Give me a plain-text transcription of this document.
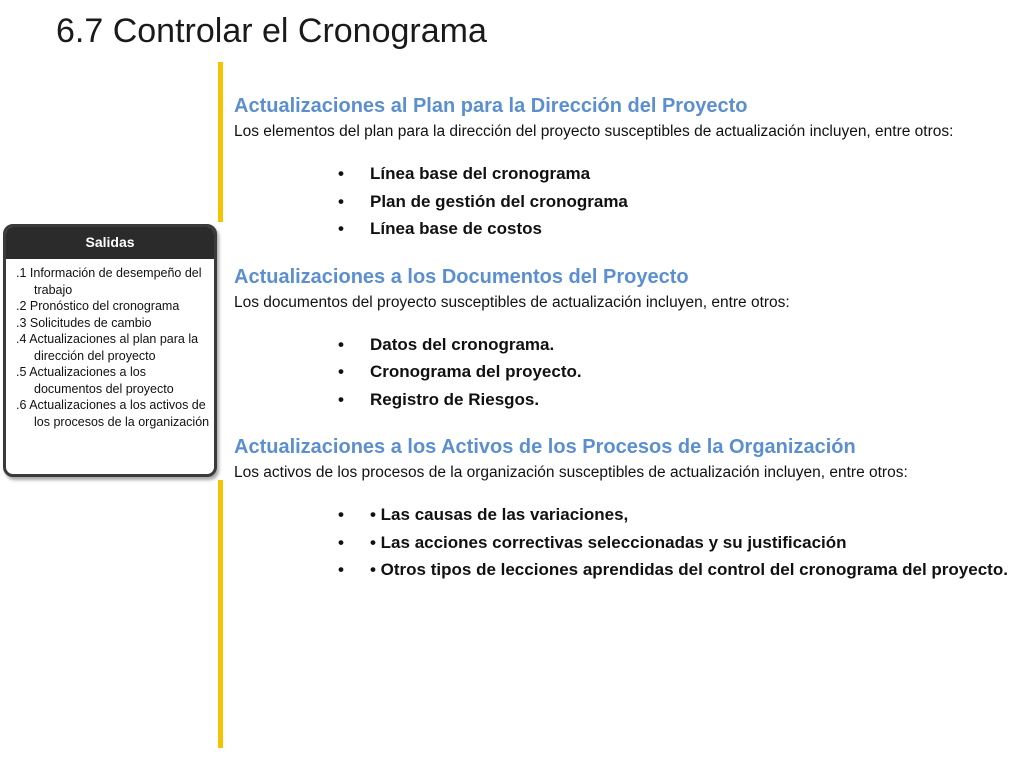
6.7 Controlar el Cronograma
Salidas
.1 Información de desempeño del trabajo
.2 Pronóstico del cronograma
.3 Solicitudes de cambio
.4 Actualizaciones al plan para la dirección del proyecto
.5 Actualizaciones a los documentos del proyecto
.6 Actualizaciones a los activos de los procesos de la organización

Actualizaciones al Plan para la Dirección del Proyecto

Los elementos del plan para la dirección del proyecto susceptibles de actualización incluyen, entre otros:

• Línea base del cronograma
• Plan de gestión del cronograma
• Línea base de costos

Actualizaciones a los Documentos del Proyecto

Los documentos del proyecto susceptibles de actualización incluyen, entre otros:

• Datos del cronograma.
• Cronograma del proyecto.
• Registro de Riesgos.

Actualizaciones a los Activos de los Procesos de la Organización

Los activos de los procesos de la organización susceptibles de actualización incluyen, entre otros:

• • Las causas de las variaciones,
• • Las acciones correctivas seleccionadas y su justificación
• • Otros tipos de lecciones aprendidas del control del cronograma del proyecto.
